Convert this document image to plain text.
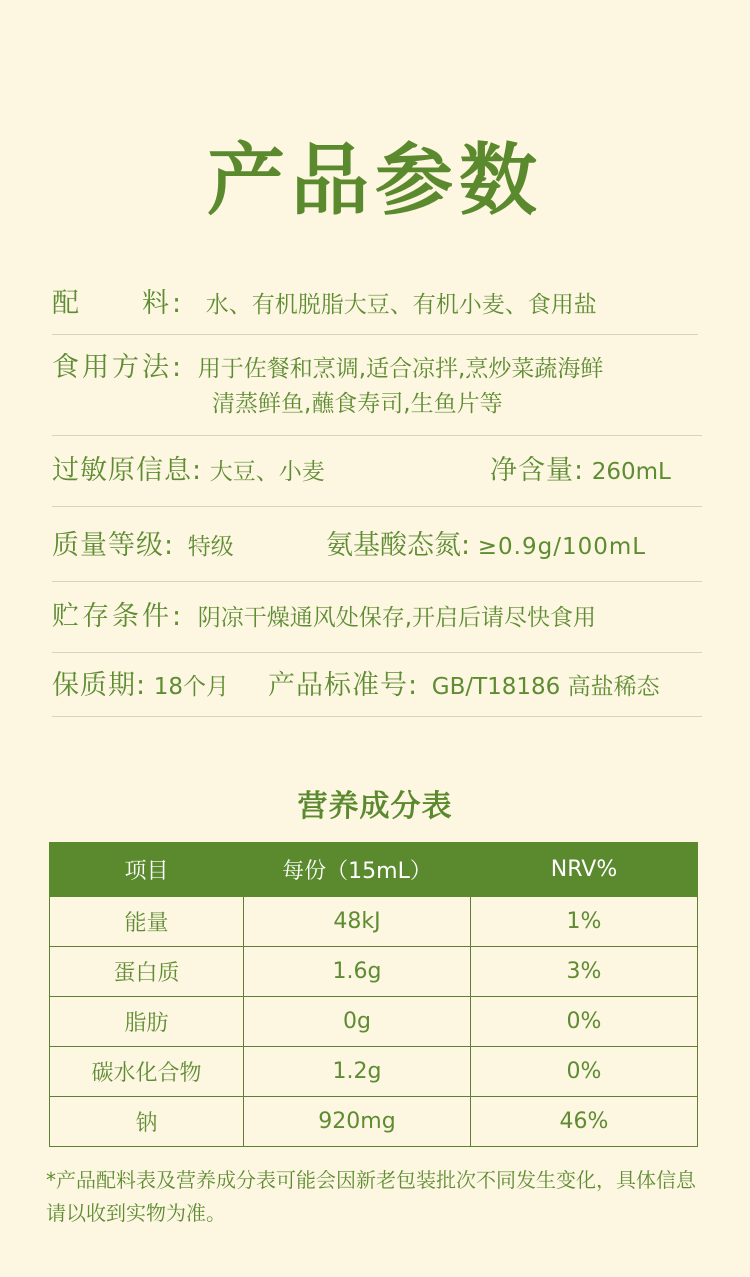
产品参数
配　　料: 水、有机脱脂大豆、有机小麦、食用盐
食用方法: 用于佐餐和烹调,适合凉拌,烹炒菜蔬海鲜
清蒸鲜鱼,蘸食寿司,生鱼片等
过敏原信息: 大豆、小麦	净含量: 260mL
质量等级: 特级	氨基酸态氮: ≥0.9g/100mL
贮存条件: 阴凉干燥通风处保存,开启后请尽快食用
保质期: 18个月	产品标准号: GB/T18186 高盐稀态
营养成分表
项目	每份（15mL）	NRV%
能量	48kJ	1%
蛋白质	1.6g	3%
脂肪	0g	0%
碳水化合物	1.2g	0%
钠	920mg	46%
*产品配料表及营养成分表可能会因新老包装批次不同发生变化，具体信息请以收到实物为准。
